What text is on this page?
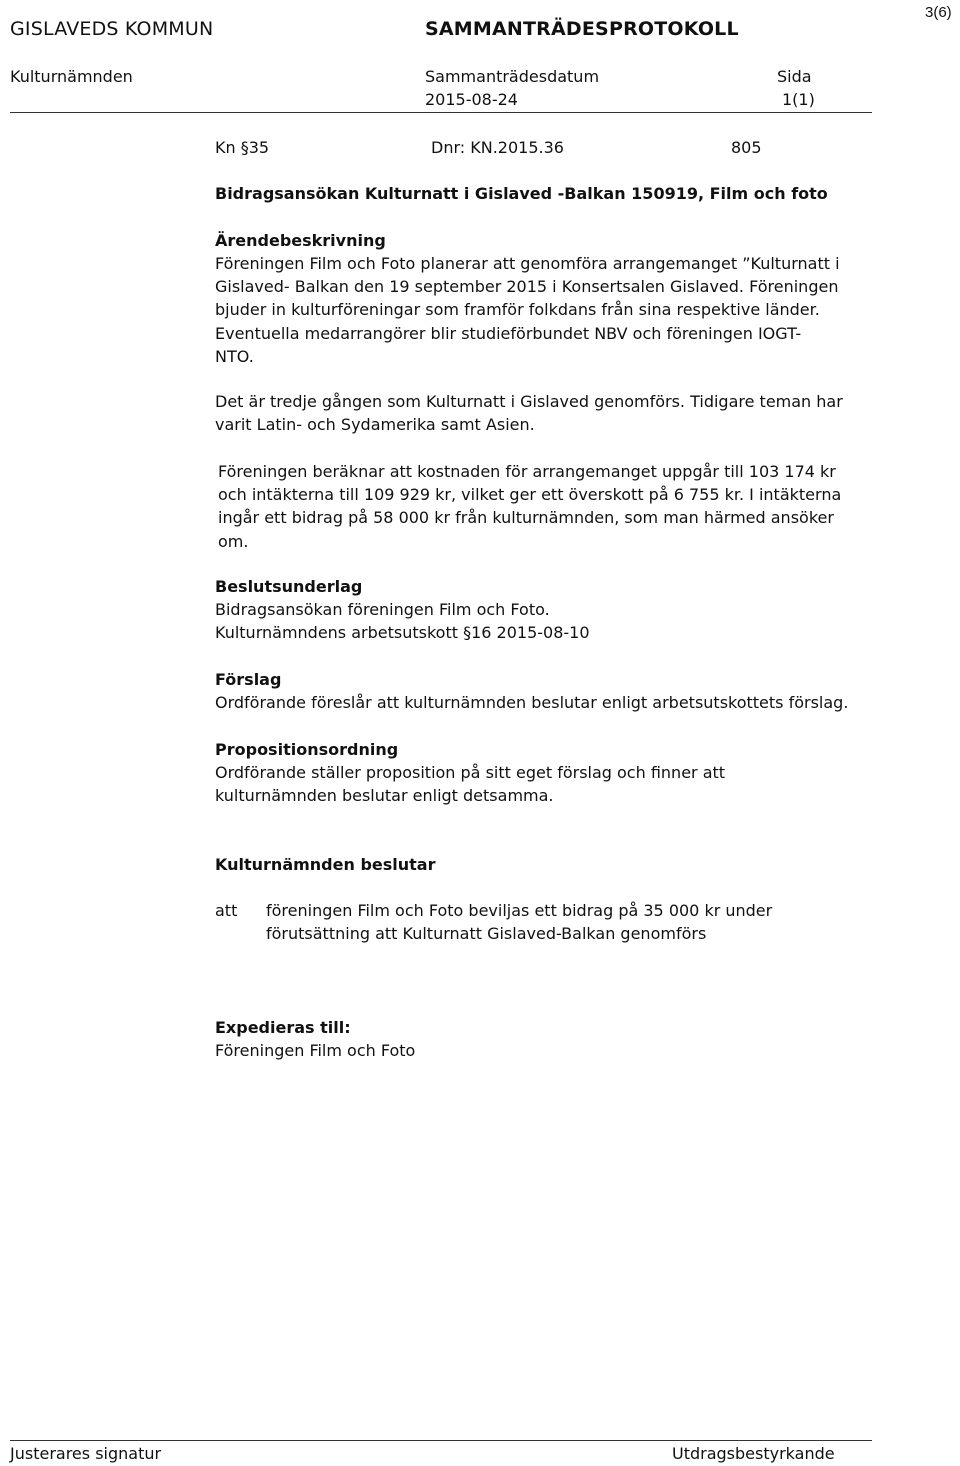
3(6)
GISLAVEDS KOMMUN	SAMMANTRÄDESPROTOKOLL
Kulturnämnden	Sammanträdesdatum	Sida
2015-08-24	1(1)
Kn §35	Dnr: KN.2015.36	805
Bidragsansökan Kulturnatt i Gislaved -Balkan 150919, Film och foto
Ärendebeskrivning
Föreningen Film och Foto planerar att genomföra arrangemanget ”Kulturnatt i
Gislaved- Balkan den 19 september 2015 i Konsertsalen Gislaved. Föreningen
bjuder in kulturföreningar som framför folkdans från sina respektive länder.
Eventuella medarrangörer blir studieförbundet NBV och föreningen IOGT-
NTO.
Det är tredje gången som Kulturnatt i Gislaved genomförs. Tidigare teman har
varit Latin- och Sydamerika samt Asien.
Föreningen beräknar att kostnaden för arrangemanget uppgår till 103 174 kr
och intäkterna till 109 929 kr, vilket ger ett överskott på 6 755 kr. I intäkterna
ingår ett bidrag på 58 000 kr från kulturnämnden, som man härmed ansöker
om.
Beslutsunderlag
Bidragsansökan föreningen Film och Foto.
Kulturnämndens arbetsutskott §16 2015-08-10
Förslag
Ordförande föreslår att kulturnämnden beslutar enligt arbetsutskottets förslag.
Propositionsordning
Ordförande ställer proposition på sitt eget förslag och finner att
kulturnämnden beslutar enligt detsamma.
Kulturnämnden beslutar
att föreningen Film och Foto beviljas ett bidrag på 35 000 kr under
förutsättning att Kulturnatt Gislaved-Balkan genomförs
Expedieras till:
Föreningen Film och Foto
Justerares signatur	Utdragsbestyrkande
